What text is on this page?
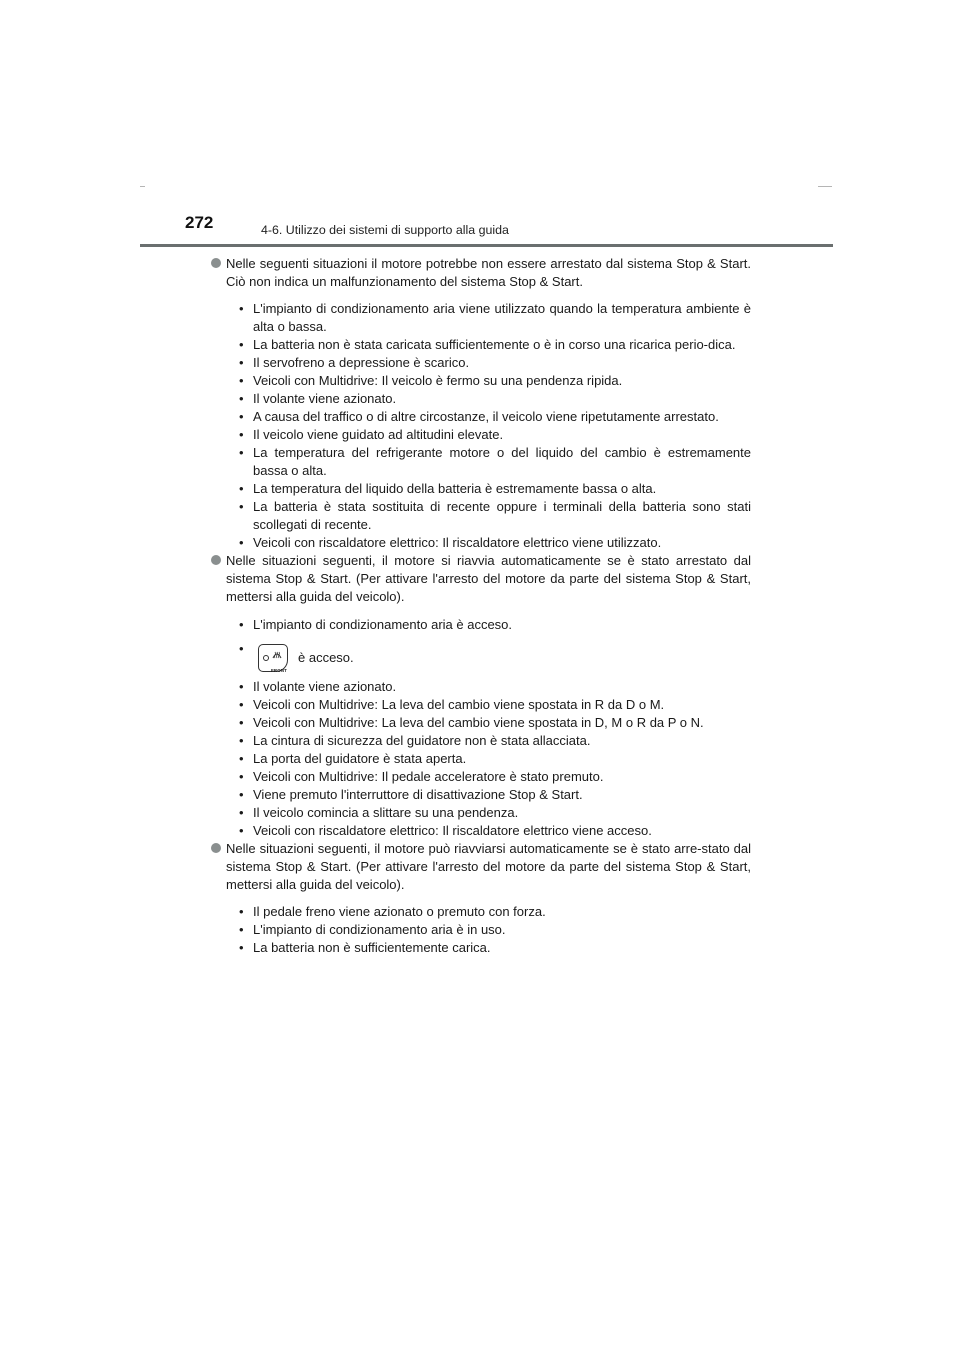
272	4-6. Utilizzo dei sistemi di supporto alla guida

Nelle seguenti situazioni il motore potrebbe non essere arrestato dal sistema Stop & Start. Ciò non indica un malfunzionamento del sistema Stop & Start.

• L'impianto di condizionamento aria viene utilizzato quando la temperatura ambiente è alta o bassa.
• La batteria non è stata caricata sufficientemente o è in corso una ricarica perio-dica.
• Il servofreno a depressione è scarico.
• Veicoli con Multidrive: Il veicolo è fermo su una pendenza ripida.
• Il volante viene azionato.
• A causa del traffico o di altre circostanze, il veicolo viene ripetutamente arrestato.
• Il veicolo viene guidato ad altitudini elevate.
• La temperatura del refrigerante motore o del liquido del cambio è estremamente bassa o alta.
• La temperatura del liquido della batteria è estremamente bassa o alta.
• La batteria è stata sostituita di recente oppure i terminali della batteria sono stati scollegati di recente.
• Veicoli con riscaldatore elettrico: Il riscaldatore elettrico viene utilizzato.

Nelle situazioni seguenti, il motore si riavvia automaticamente se è stato arrestato dal sistema Stop & Start. (Per attivare l'arresto del motore da parte del sistema Stop & Start, mettersi alla guida del veicolo).

• L'impianto di condizionamento aria è acceso.
• FRONT
è acceso.
• Il volante viene azionato.
• Veicoli con Multidrive: La leva del cambio viene spostata in R da D o M.
• Veicoli con Multidrive: La leva del cambio viene spostata in D, M o R da P o N.
• La cintura di sicurezza del guidatore non è stata allacciata.
• La porta del guidatore è stata aperta.
• Veicoli con Multidrive: Il pedale acceleratore è stato premuto.
• Viene premuto l'interruttore di disattivazione Stop & Start.
• Il veicolo comincia a slittare su una pendenza.
• Veicoli con riscaldatore elettrico: Il riscaldatore elettrico viene acceso.

Nelle situazioni seguenti, il motore può riavviarsi automaticamente se è stato arre-stato dal sistema Stop & Start. (Per attivare l'arresto del motore da parte del sistema Stop & Start, mettersi alla guida del veicolo).

• Il pedale freno viene azionato o premuto con forza.
• L'impianto di condizionamento aria è in uso.
• La batteria non è sufficientemente carica.
